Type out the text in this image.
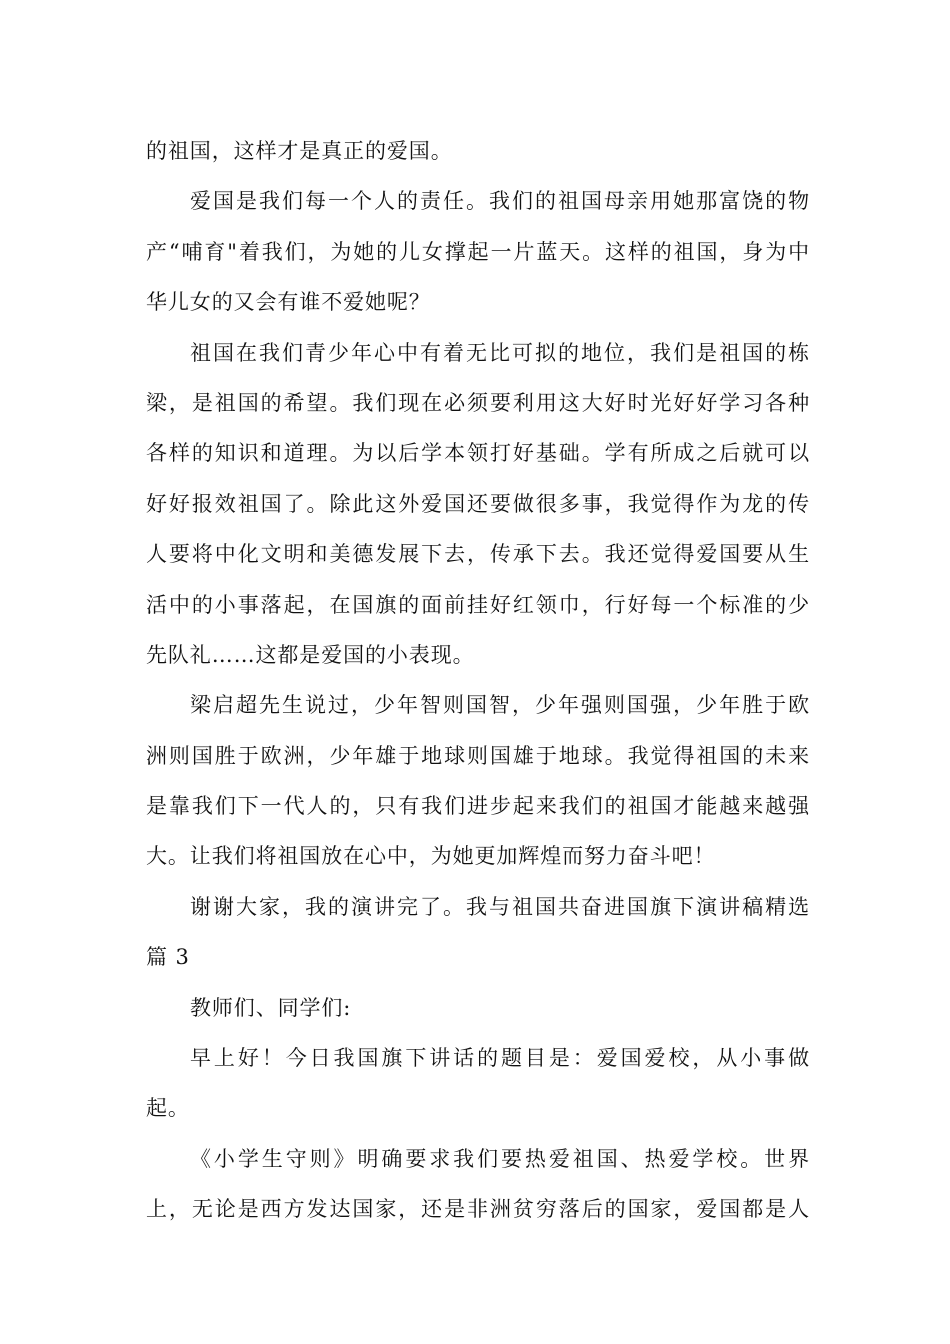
的祖国，这样才是真正的爱国。
爱国是我们每一个人的责任。我们的祖国母亲用她那富饶的物
产“哺育"着我们，为她的儿女撑起一片蓝天。这样的祖国，身为中
华儿女的又会有谁不爱她呢？
祖国在我们青少年心中有着无比可拟的地位，我们是祖国的栋
梁，是祖国的希望。我们现在必须要利用这大好时光好好学习各种
各样的知识和道理。为以后学本领打好基础。学有所成之后就可以
好好报效祖国了。除此这外爱国还要做很多事，我觉得作为龙的传
人要将中化文明和美德发展下去，传承下去。我还觉得爱国要从生
活中的小事落起，在国旗的面前挂好红领巾，行好每一个标准的少
先队礼……这都是爱国的小表现。
梁启超先生说过，少年智则国智，少年强则国强，少年胜于欧
洲则国胜于欧洲，少年雄于地球则国雄于地球。我觉得祖国的未来
是靠我们下一代人的，只有我们进步起来我们的祖国才能越来越强
大。让我们将祖国放在心中，为她更加辉煌而努力奋斗吧！
谢谢大家，我的演讲完了。我与祖国共奋进国旗下演讲稿精选
篇 3
教师们、同学们:
早上好！今日我国旗下讲话的题目是：爱国爱校，从小事做
起。
《小学生守则》明确要求我们要热爱祖国、热爱学校。世界
上，无论是西方发达国家，还是非洲贫穷落后的国家，爱国都是人
